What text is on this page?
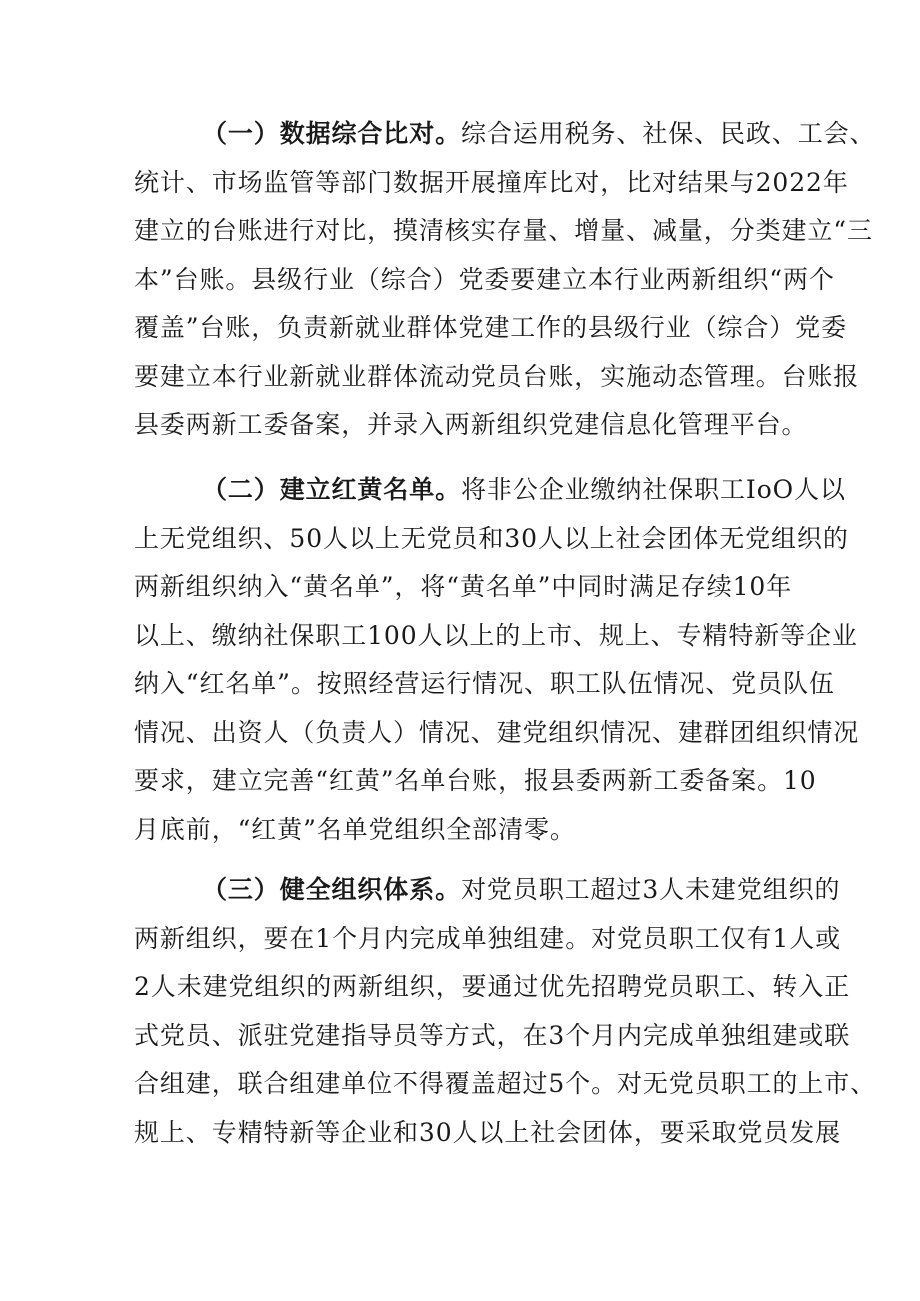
（一）数据综合比对。综合运用税务、社保、民政、工会、
统计、市场监管等部门数据开展撞库比对，比对结果与2022年
建立的台账进行对比，摸清核实存量、增量、减量，分类建立“三
本”台账。县级行业（综合）党委要建立本行业两新组织“两个
覆盖”台账，负责新就业群体党建工作的县级行业（综合）党委
要建立本行业新就业群体流动党员台账，实施动态管理。台账报
县委两新工委备案，并录入两新组织党建信息化管理平台。
（二）建立红黄名单。将非公企业缴纳社保职工IoO人以
上无党组织、50人以上无党员和30人以上社会团体无党组织的
两新组织纳入“黄名单”，将“黄名单”中同时满足存续10年
以上、缴纳社保职工100人以上的上市、规上、专精特新等企业
纳入“红名单”。按照经营运行情况、职工队伍情况、党员队伍
情况、出资人（负责人）情况、建党组织情况、建群团组织情况
要求，建立完善“红黄”名单台账，报县委两新工委备案。10
月底前，“红黄”名单党组织全部清零。
（三）健全组织体系。对党员职工超过3人未建党组织的
两新组织，要在1个月内完成单独组建。对党员职工仅有1人或
2人未建党组织的两新组织，要通过优先招聘党员职工、转入正
式党员、派驻党建指导员等方式，在3个月内完成单独组建或联
合组建，联合组建单位不得覆盖超过5个。对无党员职工的上市、
规上、专精特新等企业和30人以上社会团体，要采取党员发展
